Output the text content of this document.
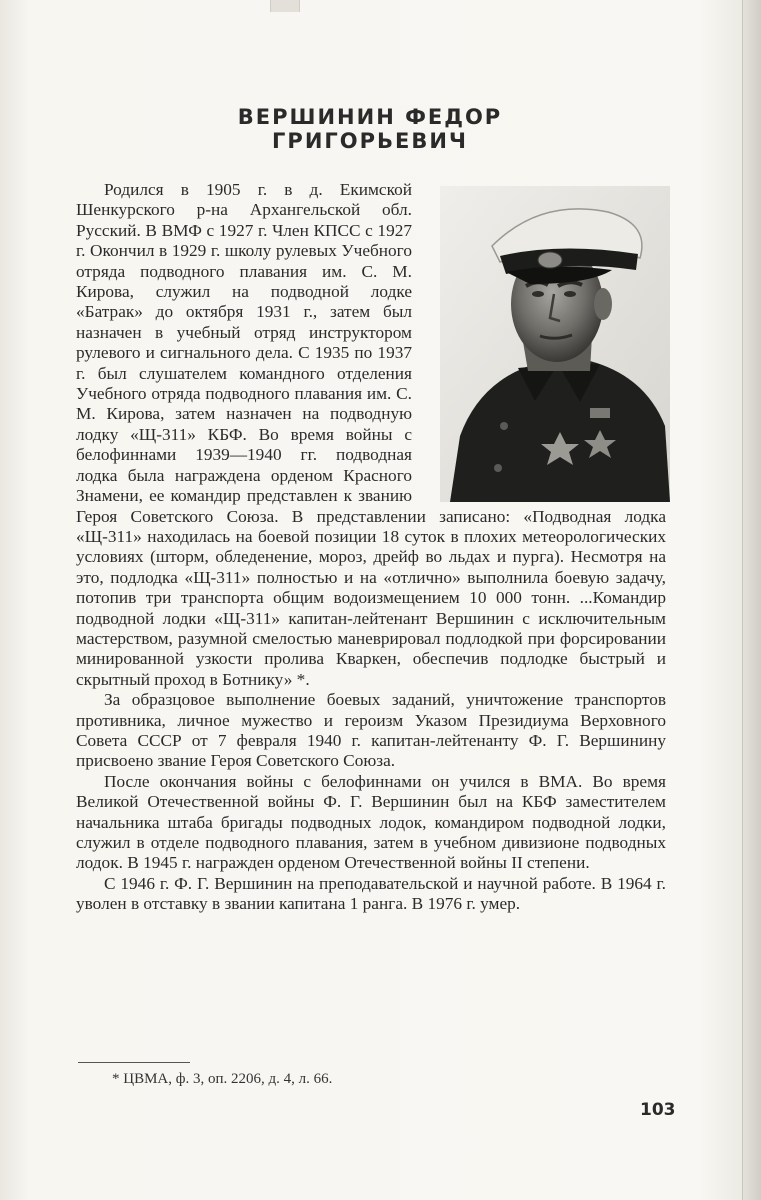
ВЕРШИНИН ФЕДОР ГРИГОРЬЕВИЧ

Родился в 1905 г. в д. Екимской Шенкурского р-на Архангельской обл. Русский. В ВМФ с 1927 г. Член КПСС с 1927 г. Окончил в 1929 г. школу рулевых Учебного отряда подводного плавания им. С. М. Кирова, служил на подводной лодке «Батрак» до октября 1931 г., затем был назначен в учебный отряд инструктором рулевого и сигнального дела. С 1935 по 1937 г. был слушателем командного отделения Учебного отряда подводного плавания им. С. М. Кирова, затем назначен на подводную лодку «Щ-311» КБФ. Во время войны с белофиннами 1939—1940 гг. подводная лодка была награждена орденом Красного Знамени, ее командир представлен к званию Героя Советского Союза. В представлении записано: «Подводная лодка «Щ-311» находилась на боевой позиции 18 суток в плохих метеорологических условиях (шторм, обледенение, мороз, дрейф во льдах и пурга). Несмотря на это, подлодка «Щ-311» полностью и на «отлично» выполнила боевую задачу, потопив три транспорта общим водоизмещением 10 000 тонн. ...Командир подводной лодки «Щ-311» капитан-лейтенант Вершинин с исключительным мастерством, разумной смелостью маневрировал подлодкой при форсировании минированной узкости пролива Кваркен, обеспечив подлодке быстрый и скрытный проход в Ботнику» *.

За образцовое выполнение боевых заданий, уничтожение транспортов противника, личное мужество и героизм Указом Президиума Верховного Совета СССР от 7 февраля 1940 г. капитан-лейтенанту Ф. Г. Вершинину присвоено звание Героя Советского Союза.

После окончания войны с белофиннами он учился в ВМА. Во время Великой Отечественной войны Ф. Г. Вершинин был на КБФ заместителем начальника штаба бригады подводных лодок, командиром подводной лодки, служил в отделе подводного плавания, затем в учебном дивизионе подводных лодок. В 1945 г. награжден орденом Отечественной войны II степени.

С 1946 г. Ф. Г. Вершинин на преподавательской и научной работе. В 1964 г. уволен в отставку в звании капитана 1 ранга. В 1976 г. умер.

* ЦВМА, ф. 3, оп. 2206, д. 4, л. 66.
103
